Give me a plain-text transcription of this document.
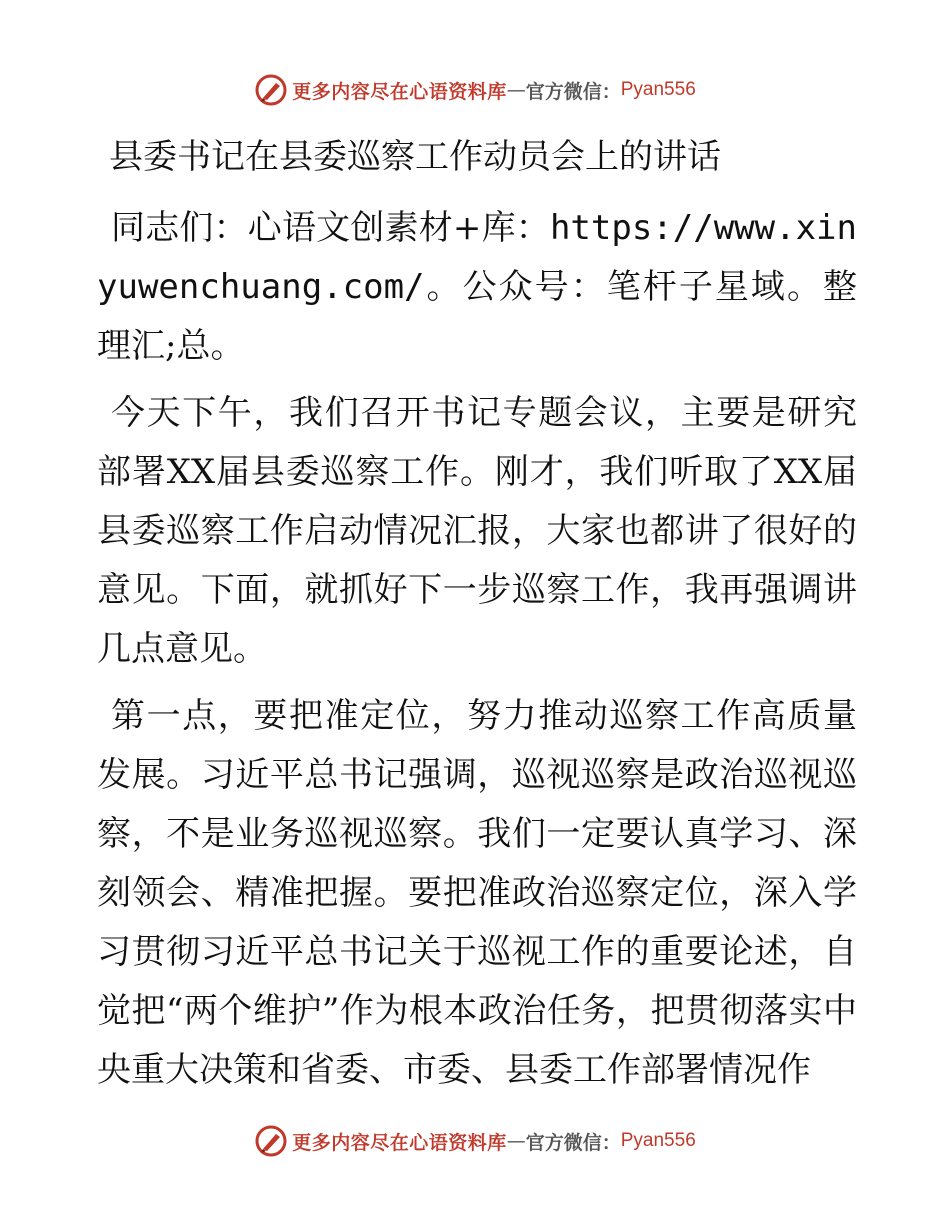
更多内容尽在心语资料库 — 官方微信： Pyan556

县委书记在县委巡察工作动员会上的讲话

同志们：心语文创素材+库：https://www.xinyuwenchuang.com/。公众号：笔杆子星域。整理汇;总。

今天下午，我们召开书记专题会议，主要是研究部署XX届县委巡察工作。刚才，我们听取了XX届县委巡察工作启动情况汇报，大家也都讲了很好的意见。下面，就抓好下一步巡察工作，我再强调讲几点意见。

第一点，要把准定位，努力推动巡察工作高质量发展。习近平总书记强调，巡视巡察是政治巡视巡察，不是业务巡视巡察。我们一定要认真学习、深刻领会、精准把握。要把准政治巡察定位，深入学习贯彻习近平总书记关于巡视工作的重要论述，自觉把“两个维护”作为根本政治任务，把贯彻落实中央重大决策和省委、市委、县委工作部署情况作

更多内容尽在心语资料库 — 官方微信： Pyan556
